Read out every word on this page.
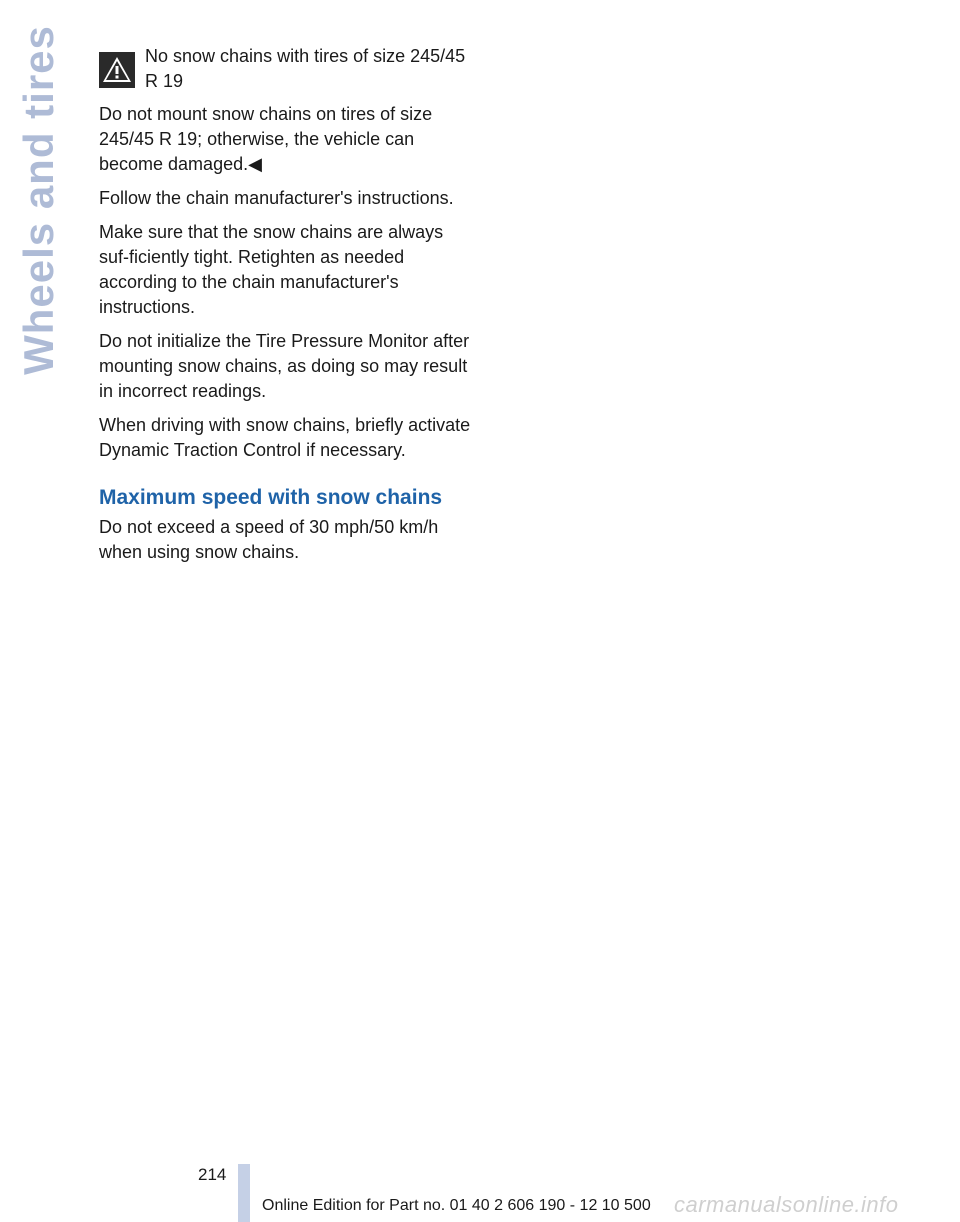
Wheels and tires	No snow chains with tires of size 245/45 R 19

Do not mount snow chains on tires of size 245/45 R 19; otherwise, the vehicle can become damaged.◀

Follow the chain manufacturer's instructions.

Make sure that the snow chains are always suf-ficiently tight. Retighten as needed according to the chain manufacturer's instructions.

Do not initialize the Tire Pressure Monitor after mounting snow chains, as doing so may result in incorrect readings.

When driving with snow chains, briefly activate Dynamic Traction Control if necessary.

Maximum speed with snow chains

Do not exceed a speed of 30 mph/50 km/h when using snow chains.

214
Online Edition for Part no. 01 40 2 606 190 - 12 10 500 carmanualsonline.info
